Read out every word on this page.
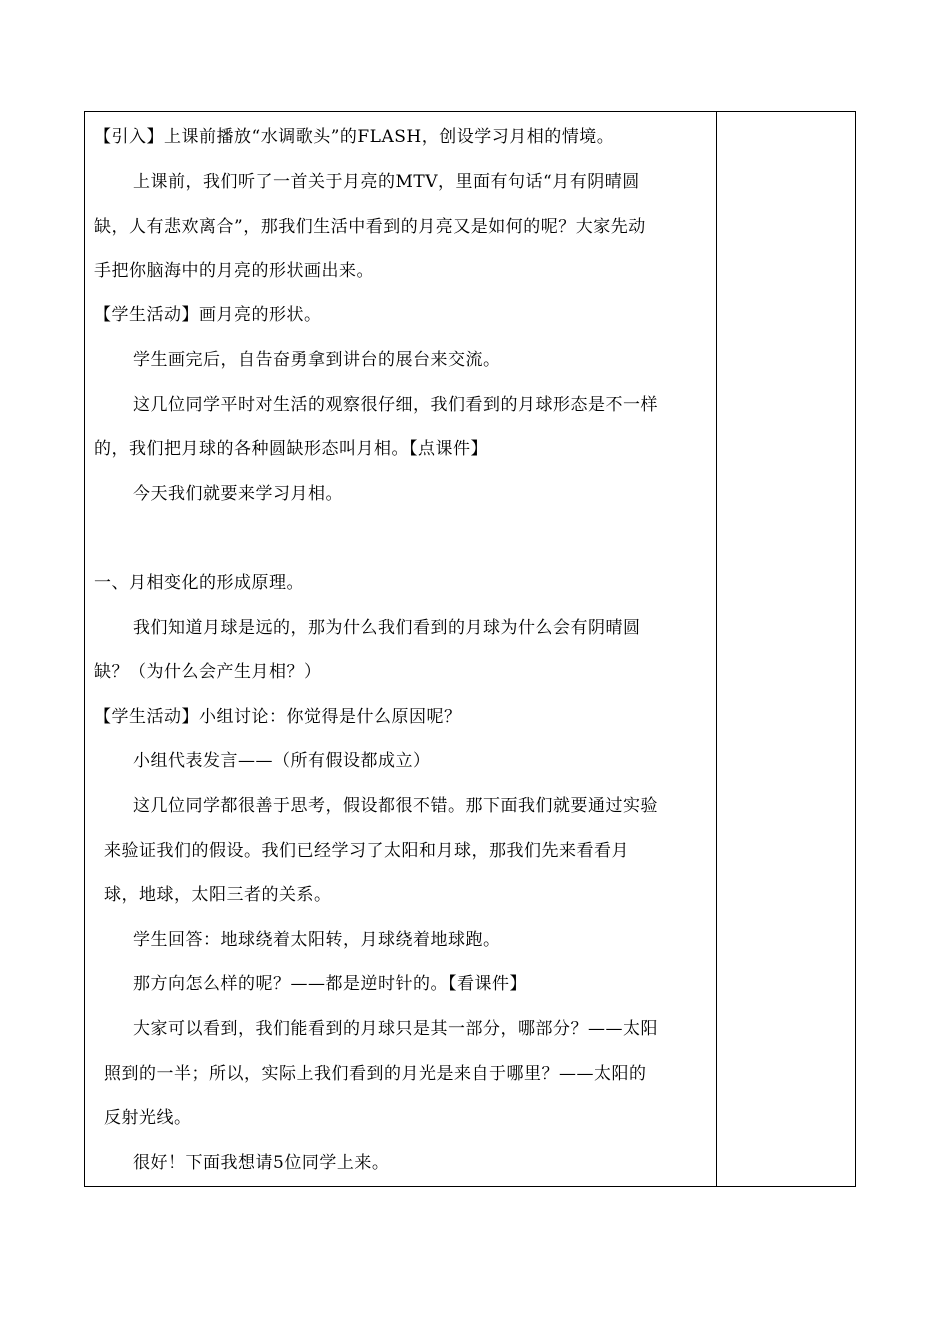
【引入】上课前播放“水调歌头”的FLASH，创设学习月相的情境。
上课前，我们听了一首关于月亮的MTV，里面有句话“月有阴晴圆
缺，人有悲欢离合”，那我们生活中看到的月亮又是如何的呢？大家先动
手把你脑海中的月亮的形状画出来。
【学生活动】画月亮的形状。
学生画完后，自告奋勇拿到讲台的展台来交流。
这几位同学平时对生活的观察很仔细，我们看到的月球形态是不一样
的，我们把月球的各种圆缺形态叫月相。【点课件】
今天我们就要来学习月相。
一、月相变化的形成原理。
我们知道月球是远的，那为什么我们看到的月球为什么会有阴晴圆
缺？（为什么会产生月相？）
【学生活动】小组讨论：你觉得是什么原因呢？
小组代表发言——（所有假设都成立）
这几位同学都很善于思考，假设都很不错。那下面我们就要通过实验
来验证我们的假设。我们已经学习了太阳和月球，那我们先来看看月
球，地球，太阳三者的关系。
学生回答：地球绕着太阳转，月球绕着地球跑。
那方向怎么样的呢？——都是逆时针的。【看课件】
大家可以看到，我们能看到的月球只是其一部分，哪部分？——太阳
照到的一半；所以，实际上我们看到的月光是来自于哪里？——太阳的
反射光线。
很好！下面我想请5位同学上来。
